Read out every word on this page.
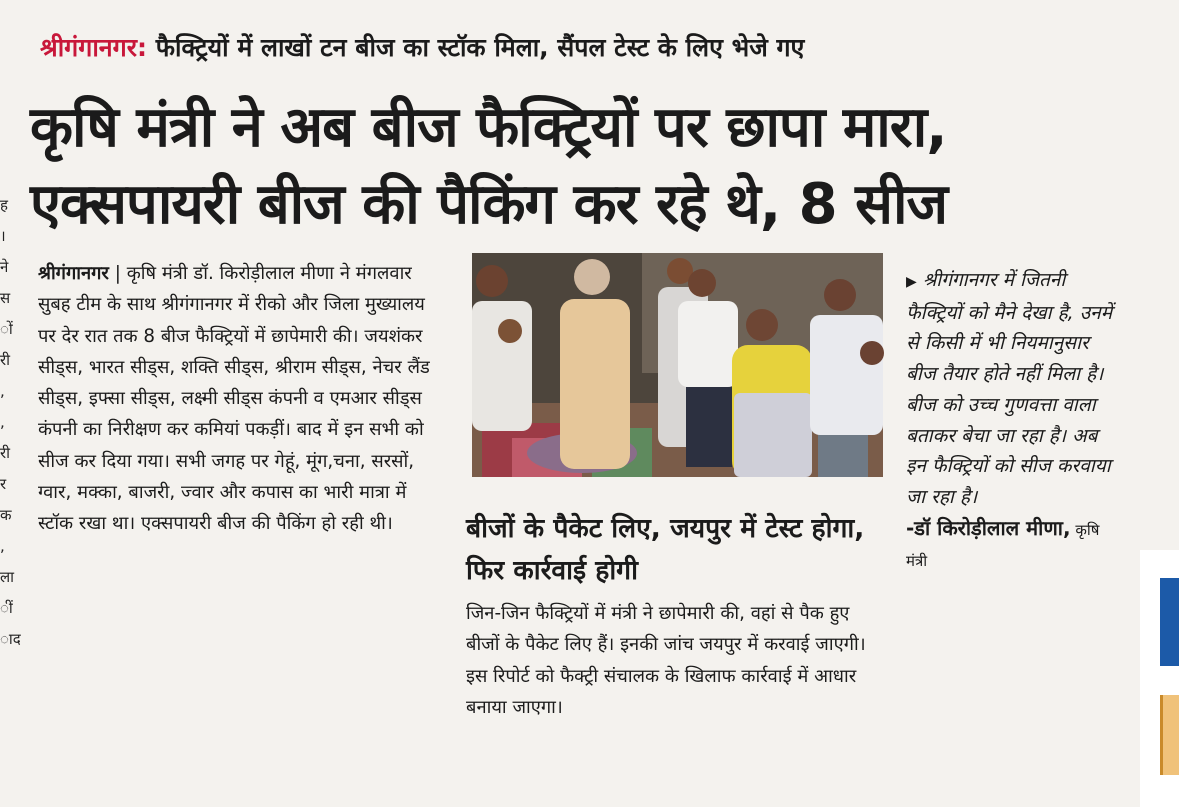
ह
।
ने
स
ों
री
,
,
री
र
क
,
ला
ीं
ाद
श्रीगंगानगर: फैक्ट्रियों में लाखों टन बीज का स्टॉक मिला, सैंपल टेस्ट के लिए भेजे गए
कृषि मंत्री ने अब बीज फैक्ट्रियों पर छापा मारा,
एक्सपायरी बीज की पैकिंग कर रहे थे, 8 सीज
श्रीगंगानगर | कृषि मंत्री डॉ. किरोड़ीलाल मीणा ने मंगलवार सुबह टीम के साथ श्रीगंगानगर में रीको और जिला मुख्यालय पर देर रात तक 8 बीज फैक्ट्रियों में छापेमारी की। जयशंकर सीड्स, भारत सीड्स, शक्ति सीड्स, श्रीराम सीड्स, नेचर लैंड सीड्स, इफ्सा सीड्स, लक्ष्मी सीड्स कंपनी व एमआर सीड्स कंपनी का निरीक्षण कर कमियां पकड़ीं। बाद में इन सभी को सीज कर दिया गया। सभी जगह पर गेहूं, मूंग,चना, सरसों, ग्वार, मक्का, बाजरी, ज्वार और कपास का भारी मात्रा में स्टॉक रखा था। एक्सपायरी बीज की पैकिंग हो रही थी।	बीजों के पैकेट लिए, जयपुर में टेस्ट होगा, फिर कार्रवाई होगी
जिन-जिन फैक्ट्रियों में मंत्री ने छापेमारी की, वहां से पैक हुए बीजों के पैकेट लिए हैं। इनकी जांच जयपुर में करवाई जाएगी। इस रिपोर्ट को फैक्ट्री संचालक के खिलाफ कार्रवाई में आधार बनाया जाएगा।
▶ श्रीगंगानगर में जितनी फैक्ट्रियों को मैने देखा है, उनमें से किसी में भी नियमानुसार बीज तैयार होते नहीं मिला है। बीज को उच्च गुणवत्ता वाला बताकर बेचा जा रहा है। अब इन फैक्ट्रियों को सीज करवाया जा रहा है।
-डॉ किरोड़ीलाल मीणा, कृषि मंत्री
